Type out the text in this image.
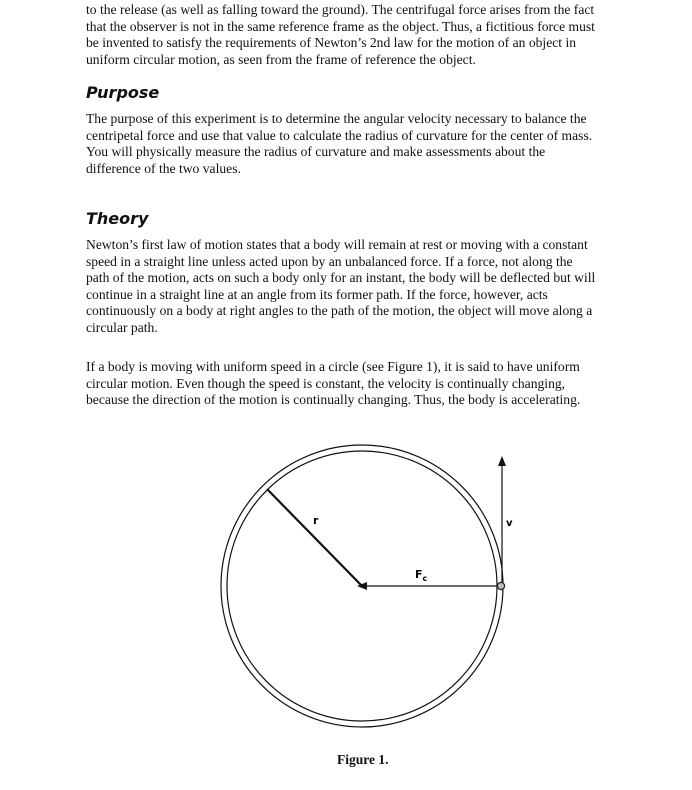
to the release (as well as falling toward the ground). The centrifugal force arises from the fact
that the observer is not in the same reference frame as the object. Thus, a fictitious force must
be invented to satisfy the requirements of Newton’s 2nd law for the motion of an object in
uniform circular motion, as seen from the frame of reference the object.

Purpose

The purpose of this experiment is to determine the angular velocity necessary to balance the
centripetal force and use that value to calculate the radius of curvature for the center of mass.
You will physically measure the radius of curvature and make assessments about the
difference of the two values.

Theory

Newton’s first law of motion states that a body will remain at rest or moving with a constant
speed in a straight line unless acted upon by an unbalanced force. If a force, not along the
path of the motion, acts on such a body only for an instant, the body will be deflected but will
continue in a straight line at an angle from its former path. If the force, however, acts
continuously on a body at right angles to the path of the motion, the object will move along a
circular path.

If a body is moving with uniform speed in a circle (see Figure 1), it is said to have uniform
circular motion. Even though the speed is constant, the velocity is continually changing,
because the direction of the motion is continually changing. Thus, the body is accelerating.

r
$F_c$
v

Figure 1.
